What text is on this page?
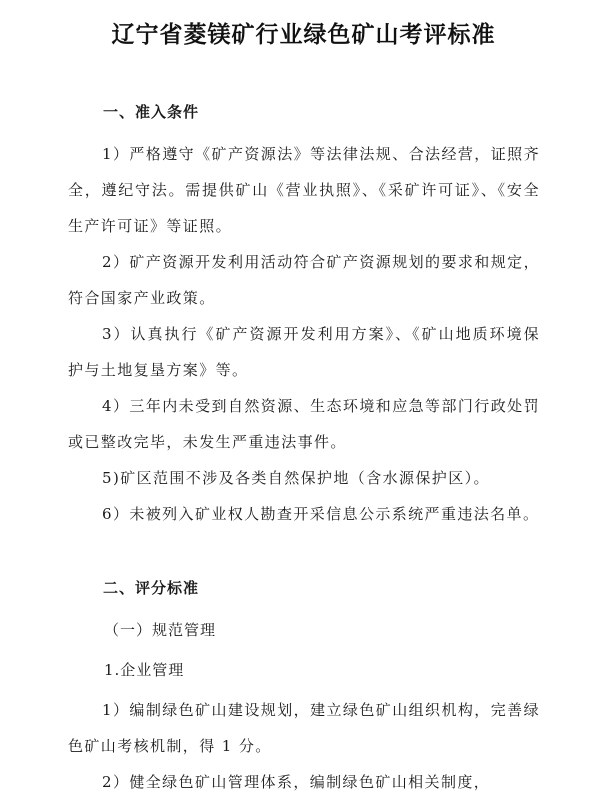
辽宁省菱镁矿行业绿色矿山考评标准
一、准入条件

1）严格遵守《矿产资源法》等法律法规、合法经营，证照齐全，遵纪守法。需提供矿山《营业执照》、《采矿许可证》、《安全生产许可证》等证照。

2）矿产资源开发利用活动符合矿产资源规划的要求和规定，符合国家产业政策。

3）认真执行《矿产资源开发利用方案》、《矿山地质环境保护与土地复垦方案》等。

4）三年内未受到自然资源、生态环境和应急等部门行政处罚或已整改完毕，未发生严重违法事件。

5)矿区范围不涉及各类自然保护地（含水源保护区）。

6）未被列入矿业权人勘查开采信息公示系统严重违法名单。

二、评分标准

（一）规范管理

1.企业管理

1）编制绿色矿山建设规划，建立绿色矿山组织机构，完善绿色矿山考核机制，得 1 分。

2）健全绿色矿山管理体系，编制绿色矿山相关制度，
